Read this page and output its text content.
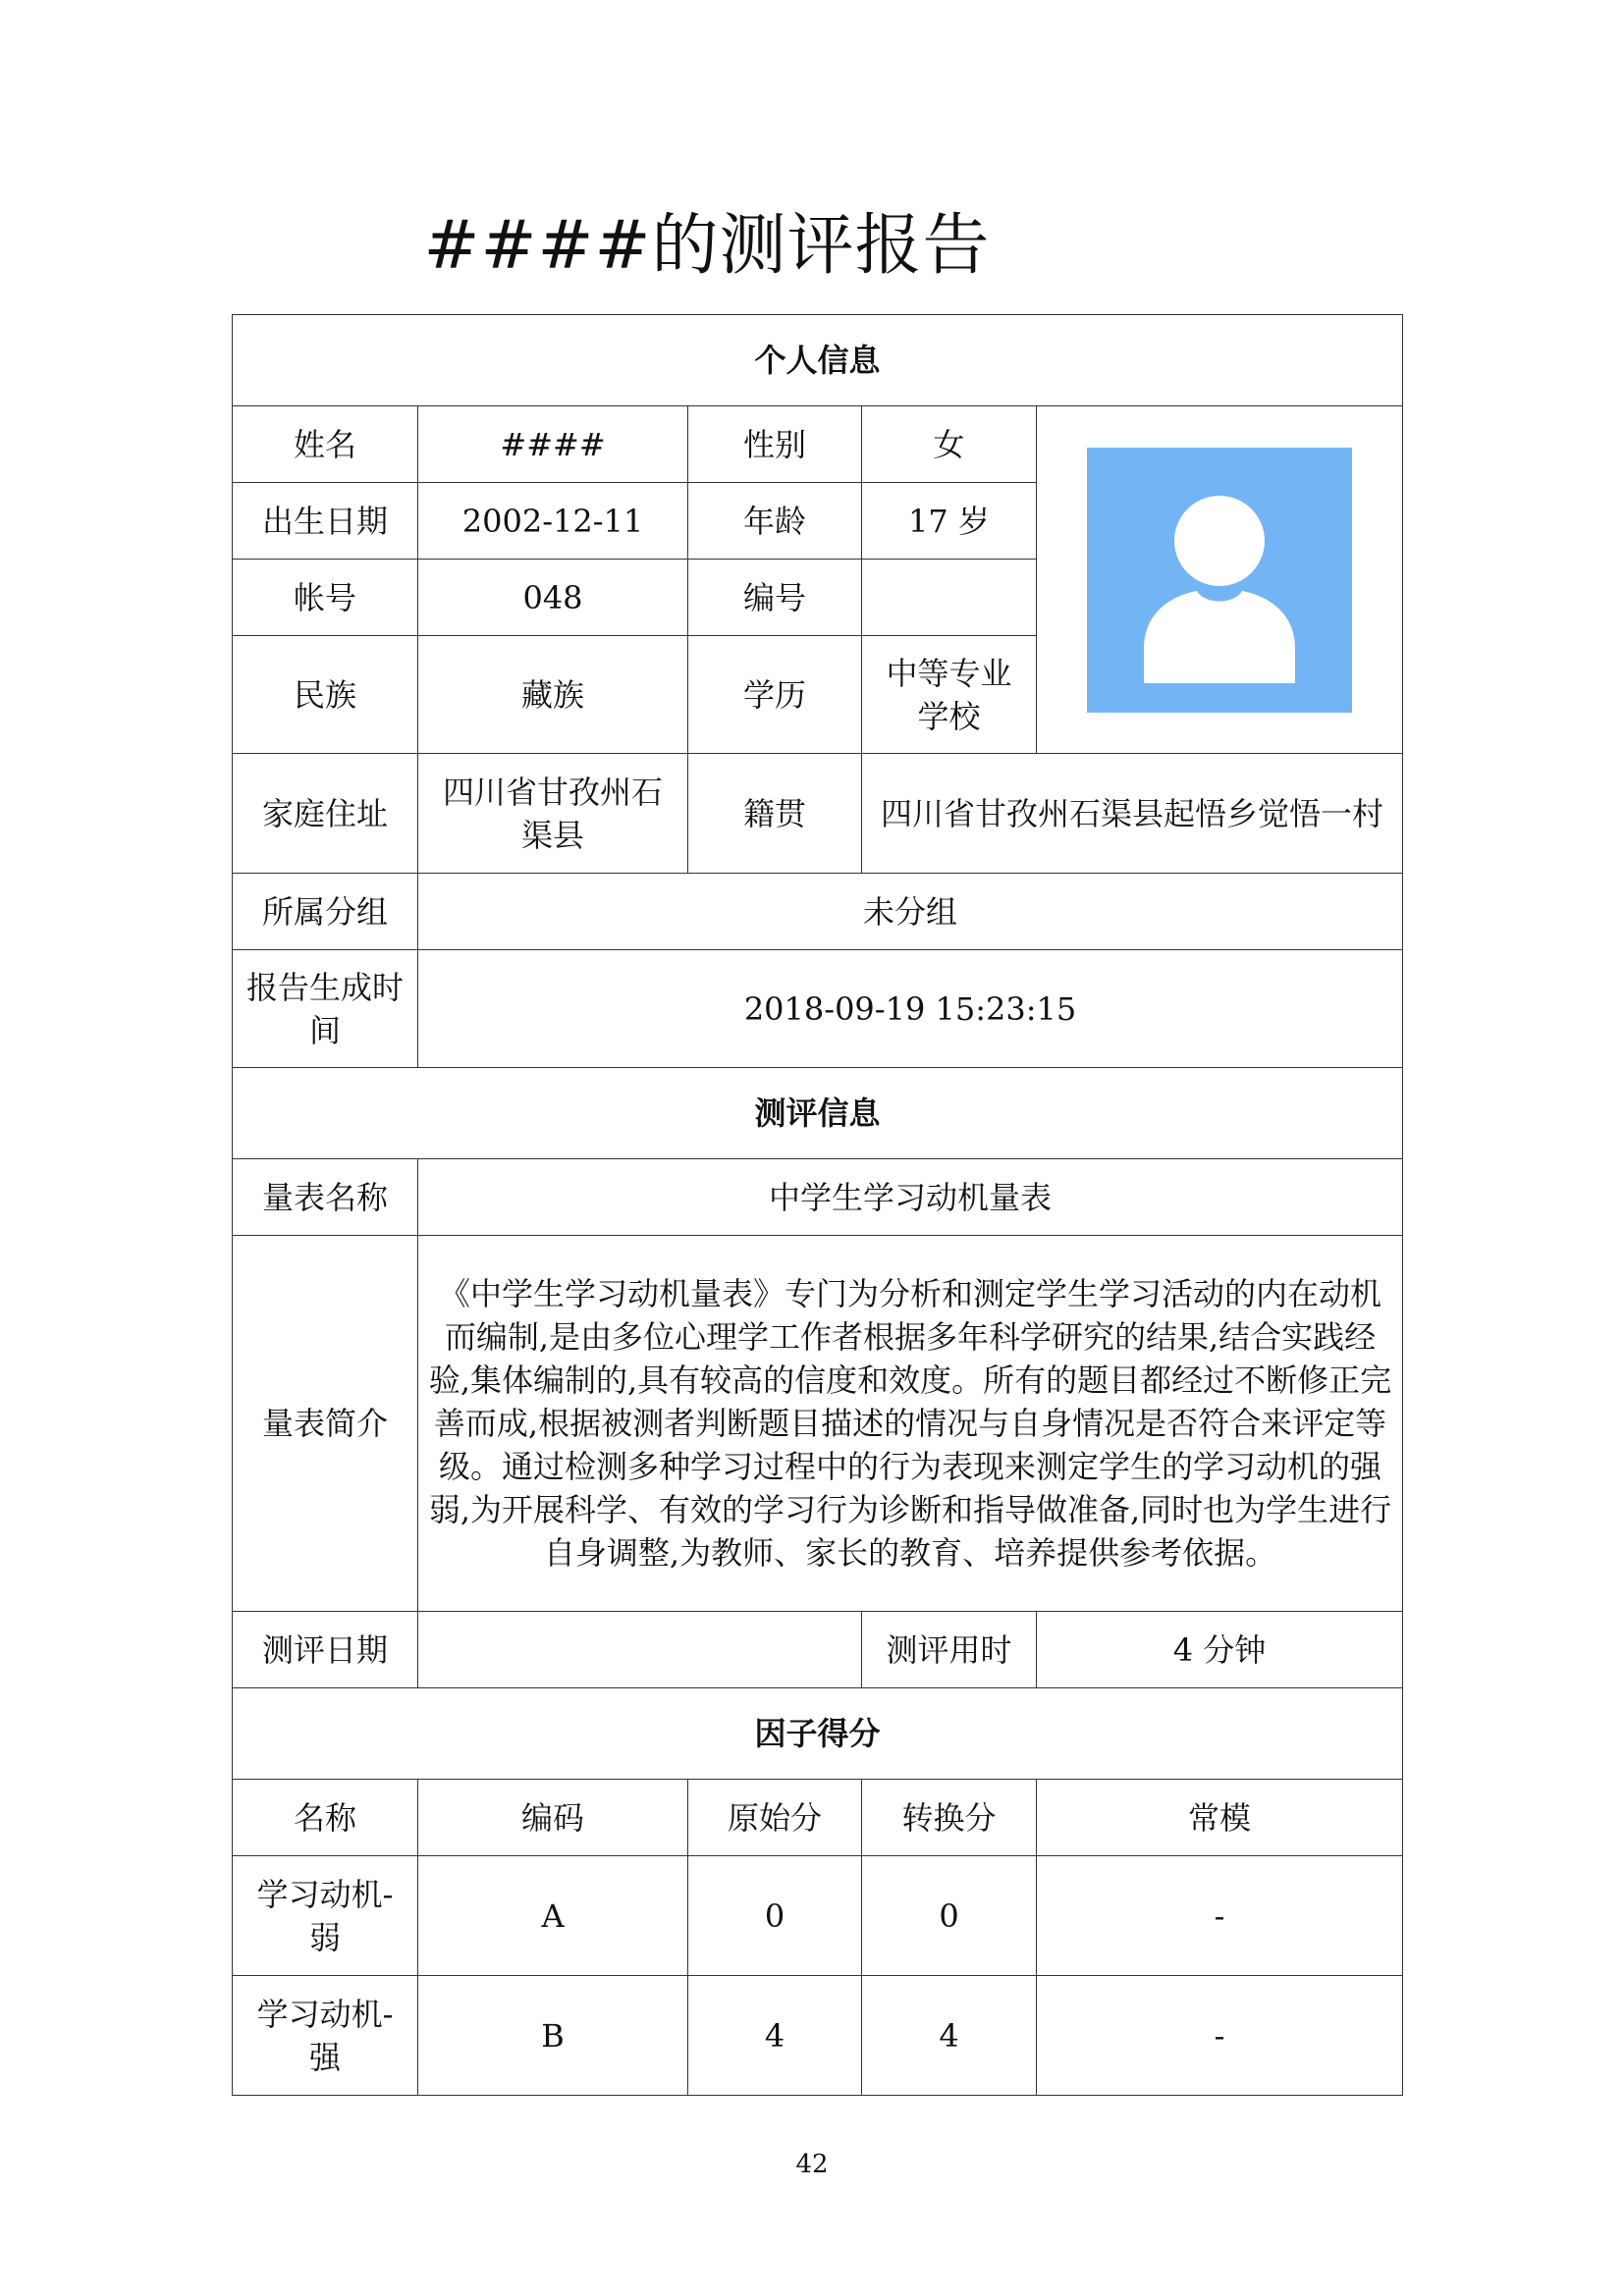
####的测评报告
个人信息				
姓名	####	性别	女	

出生日期	2002-12-11	年龄	17 岁	
帐号	048	编号		
民族	藏族	学历	中等专业学校	
家庭住址	四川省甘孜州石渠县	籍贯	四川省甘孜州石渠县起悟乡觉悟一村	
所属分组	未分组			
报告生成时间	2018-09-19 15:23:15			
测评信息				
量表名称	中学生学习动机量表			
量表简介	《中学生学习动机量表》专门为分析和测定学生学习活动的内在动机而编制,是由多位心理学工作者根据多年科学研究的结果,结合实践经验,集体编制的,具有较高的信度和效度。所有的题目都经过不断修正完善而成,根据被测者判断题目描述的情况与自身情况是否符合来评定等级。通过检测多种学习过程中的行为表现来测定学生的学习动机的强弱,为开展科学、有效的学习行为诊断和指导做准备,同时也为学生进行自身调整,为教师、家长的教育、培养提供参考依据。			
测评日期			测评用时	4 分钟
因子得分				
名称	编码	原始分	转换分	常模
学习动机-弱	A	0	0	-
学习动机-强	B	4	4	-
42
